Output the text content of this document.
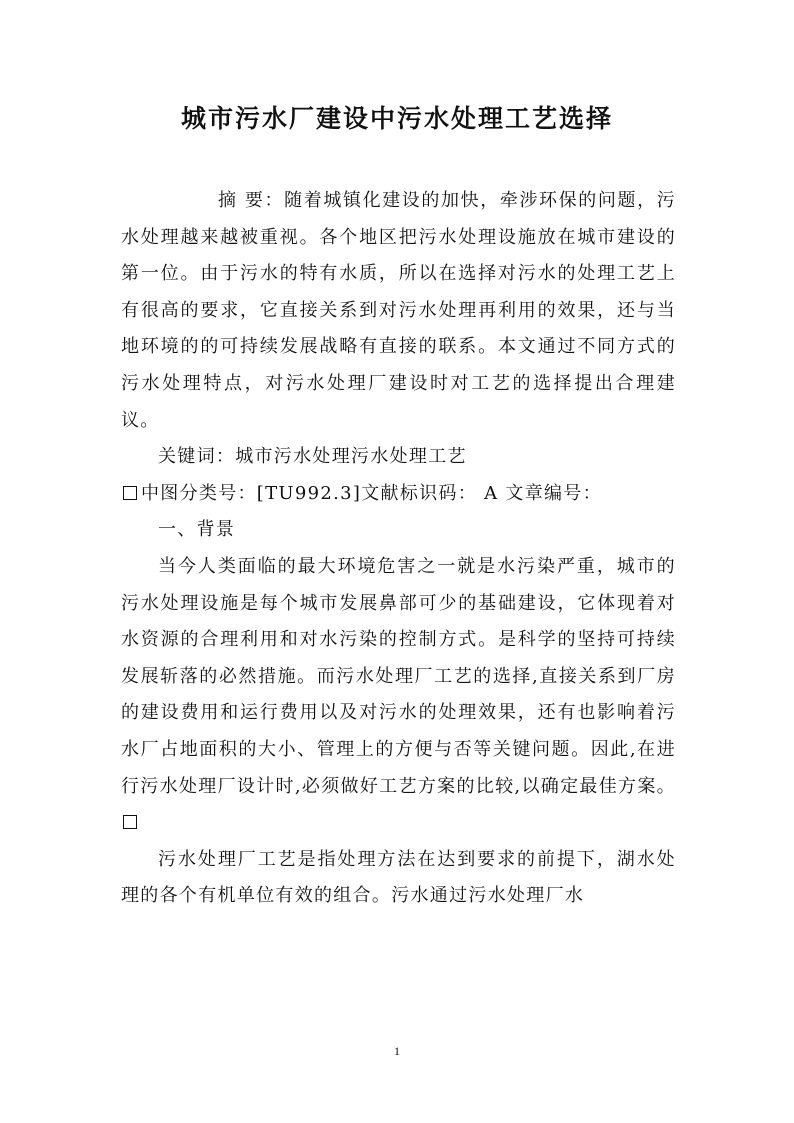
城市污水厂建设中污水处理工艺选择

摘 要：随着城镇化建设的加快，牵涉环保的问题，污水处理越来越被重视。各个地区把污水处理设施放在城市建设的第一位。由于污水的特有水质，所以在选择对污水的处理工艺上有很高的要求，它直接关系到对污水处理再利用的效果，还与当地环境的的可持续发展战略有直接的联系。本文通过不同方式的污水处理特点，对污水处理厂建设时对工艺的选择提出合理建议。

关键词：城市污水处理污水处理工艺

中图分类号：[TU992.3]文献标识码： A 文章编号：

一、背景

当今人类面临的最大环境危害之一就是水污染严重，城市的污水处理设施是每个城市发展鼻部可少的基础建设，它体现着对水资源的合理利用和对水污染的控制方式。是科学的坚持可持续发展斩落的必然措施。而污水处理厂工艺的选择,直接关系到厂房的建设费用和运行费用以及对污水的处理效果，还有也影响着污水厂占地面积的大小、管理上的方便与否等关键问题。因此,在进行污水处理厂设计时,必须做好工艺方案的比较,以确定最佳方案。

污水处理厂工艺是指处理方法在达到要求的前提下，湖水处理的各个有机单位有效的组合。污水通过污水处理厂水

1
